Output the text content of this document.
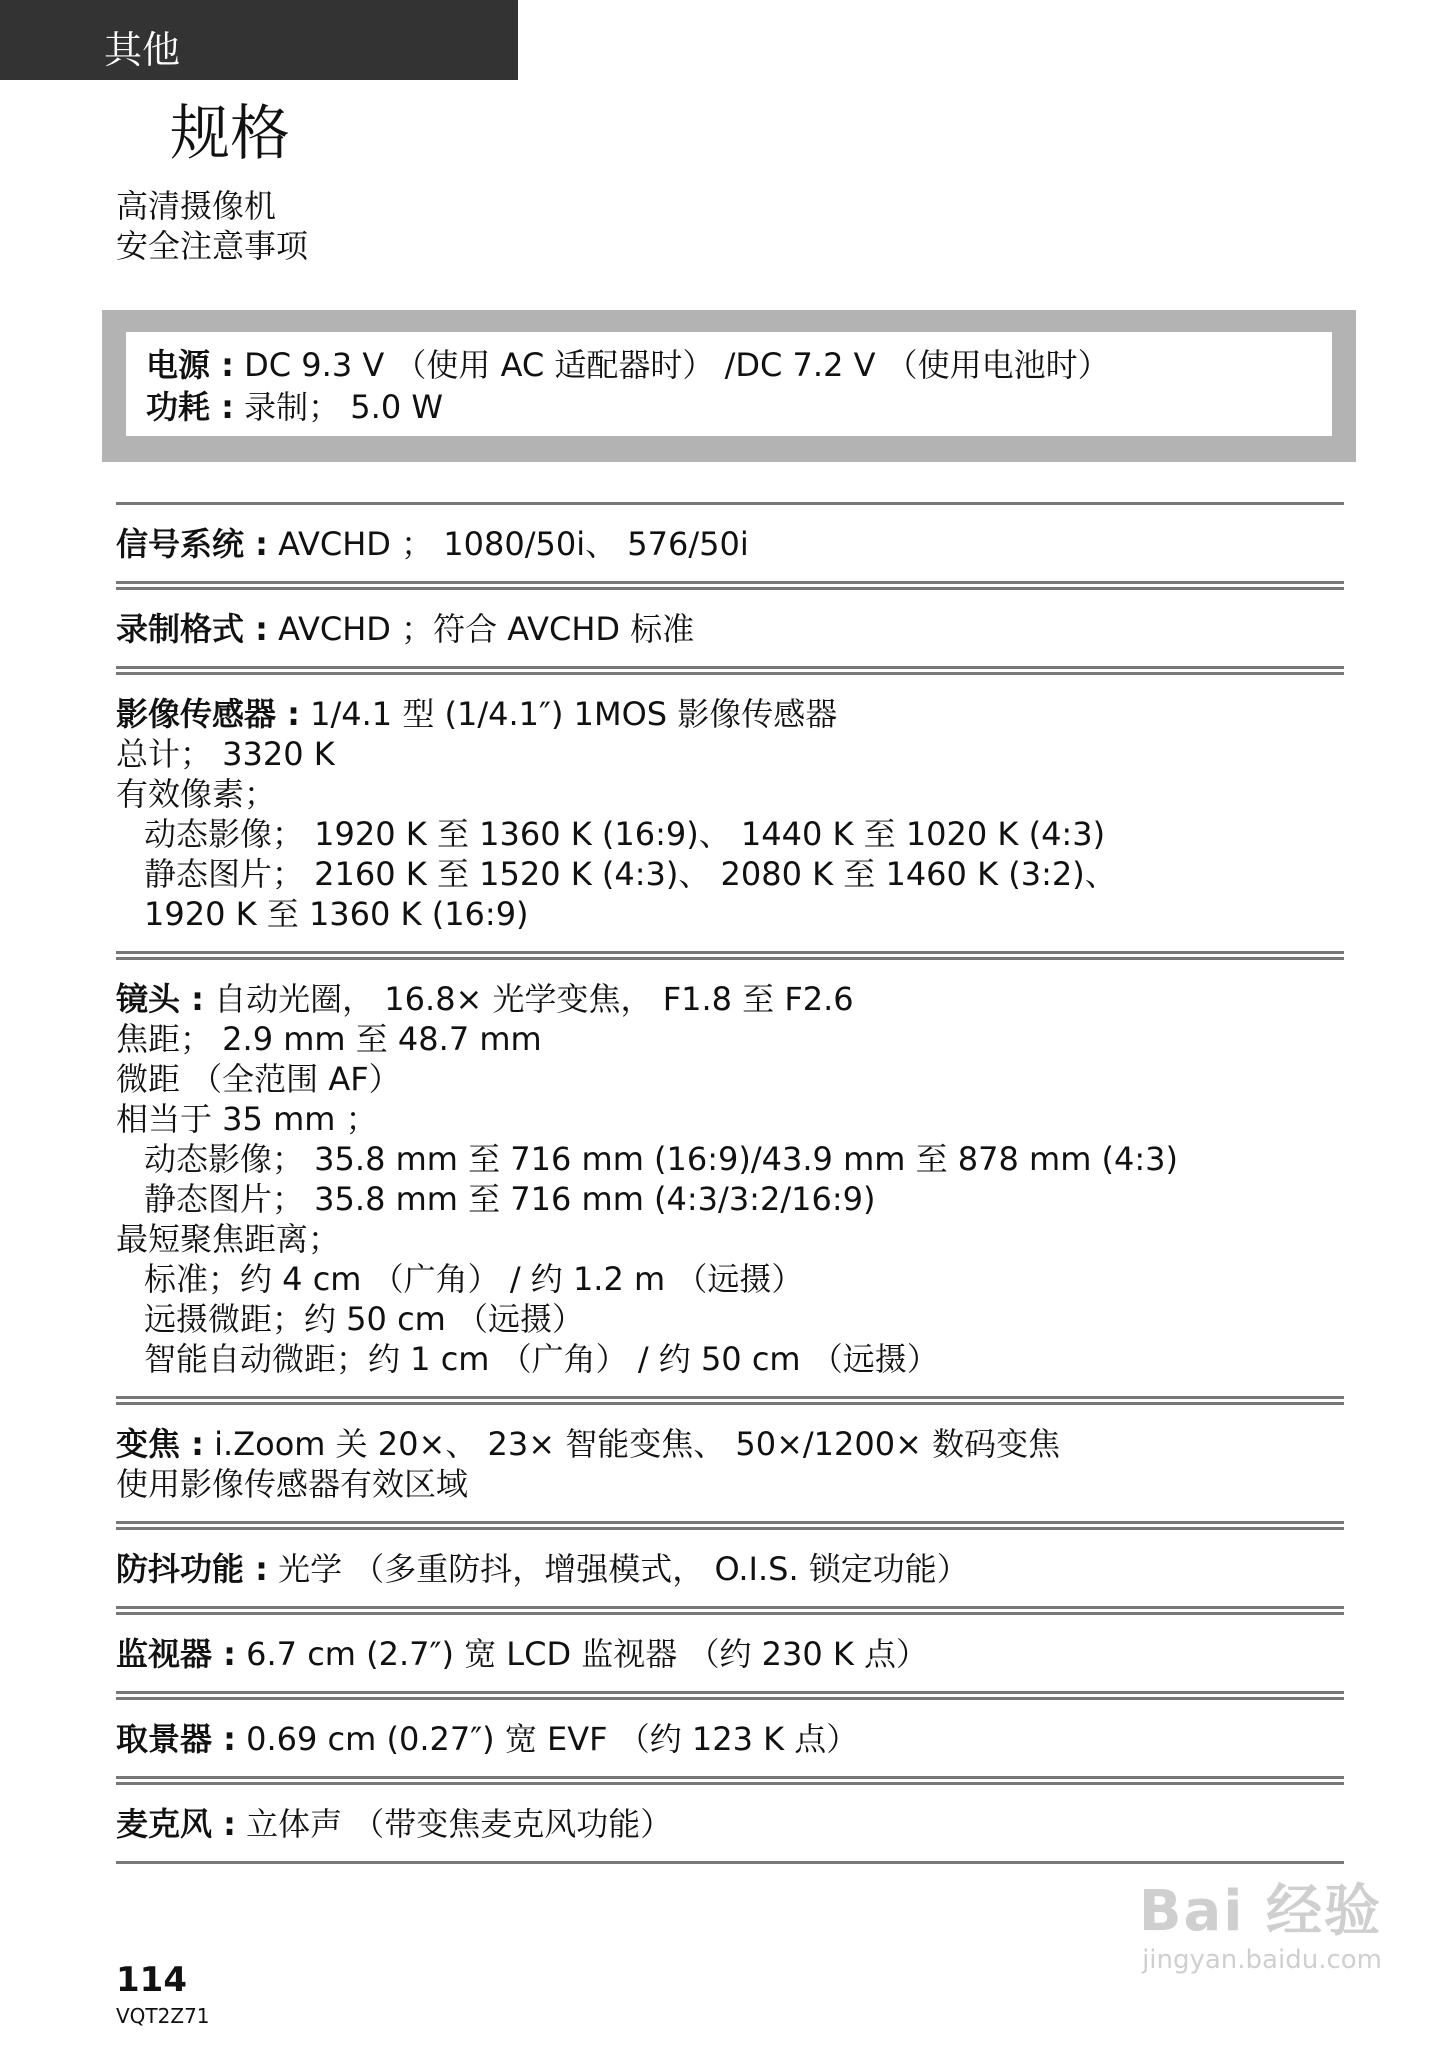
其他
规格
高清摄像机
安全注意事项
电源 : DC 9.3 V （使用 AC 适配器时） /DC 7.2 V （使用电池时）
功耗 : 录制； 5.0 W
信号系统 : AVCHD ； 1080/50i、 576/50i
录制格式 : AVCHD ；符合 AVCHD 标准
影像传感器 : 1/4.1 型 (1/4.1″) 1MOS 影像传感器
总计； 3320 K
有效像素；
动态影像； 1920 K 至 1360 K (16:9)、 1440 K 至 1020 K (4:3)
静态图片； 2160 K 至 1520 K (4:3)、 2080 K 至 1460 K (3:2)、
1920 K 至 1360 K (16:9)
镜头 : 自动光圈， 16.8× 光学变焦， F1.8 至 F2.6
焦距； 2.9 mm 至 48.7 mm
微距 （全范围 AF）
相当于 35 mm ；
动态影像； 35.8 mm 至 716 mm (16:9)/43.9 mm 至 878 mm (4:3)
静态图片； 35.8 mm 至 716 mm (4:3/3:2/16:9)
最短聚焦距离；
标准；约 4 cm （广角） / 约 1.2 m （远摄）
远摄微距；约 50 cm （远摄）
智能自动微距；约 1 cm （广角） / 约 50 cm （远摄）
变焦 : i.Zoom 关 20×、 23× 智能变焦、 50×/1200× 数码变焦
使用影像传感器有效区域
防抖功能 : 光学 （多重防抖，增强模式， O.I.S. 锁定功能）
监视器 : 6.7 cm (2.7″) 宽 LCD 监视器 （约 230 K 点）
取景器 : 0.69 cm (0.27″) 宽 EVF （约 123 K 点）
麦克风 : 立体声 （带变焦麦克风功能）
114
VQT2Z71
Bai 经验
jingyan.baidu.com
